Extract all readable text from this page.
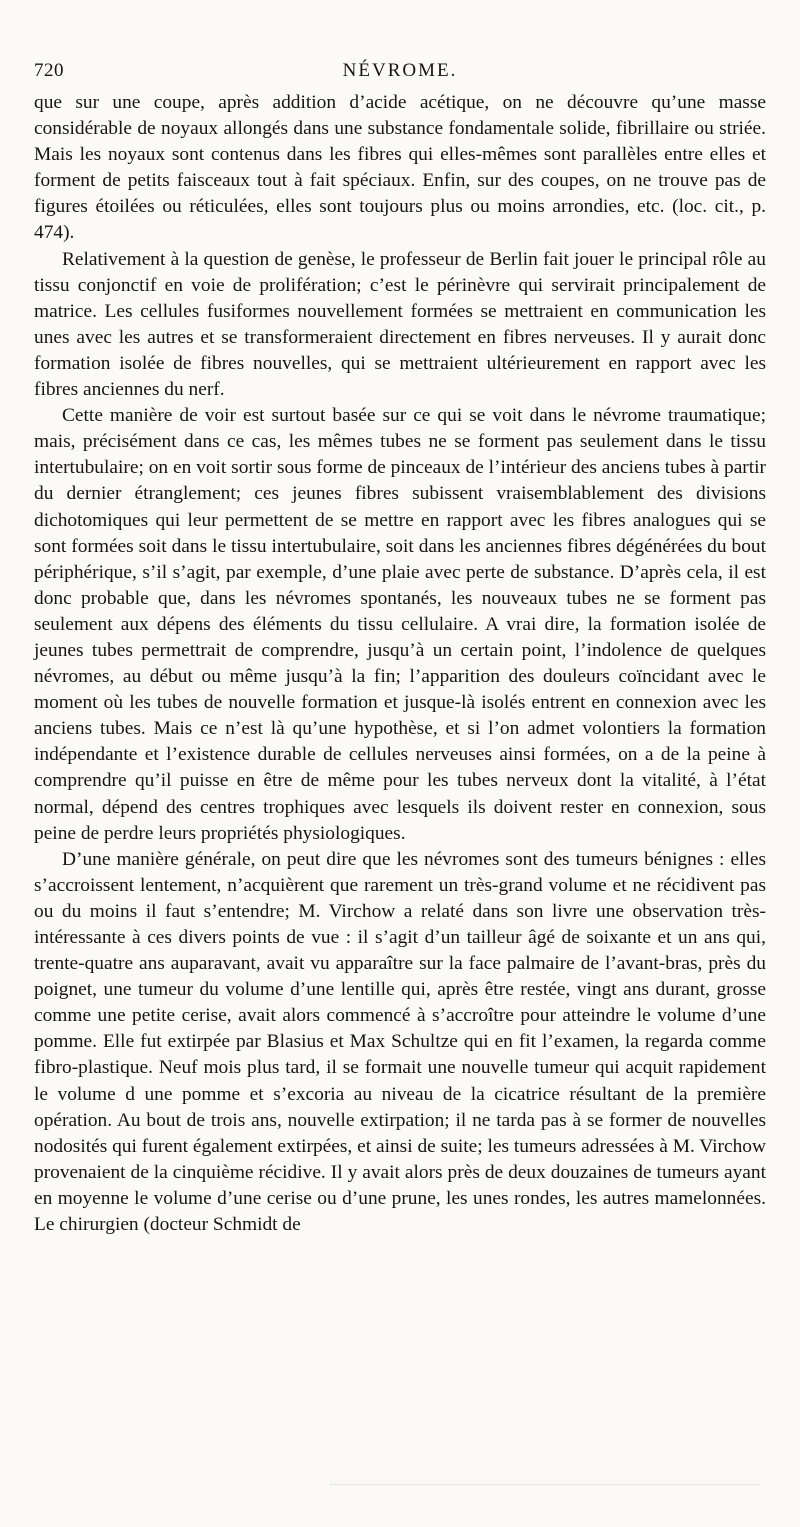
720	NÉVROME.

que sur une coupe, après addition d’acide acétique, on ne découvre qu’une masse considérable de noyaux allongés dans une substance fondamentale solide, fibrillaire ou striée. Mais les noyaux sont contenus dans les fibres qui elles-mêmes sont parallèles entre elles et forment de petits faisceaux tout à fait spéciaux. Enfin, sur des coupes, on ne trouve pas de figures étoilées ou réticulées, elles sont toujours plus ou moins arrondies, etc. (loc. cit., p. 474).

Relativement à la question de genèse, le professeur de Berlin fait jouer le principal rôle au tissu conjonctif en voie de prolifération; c’est le périnèvre qui servirait principalement de matrice. Les cellules fusiformes nouvellement formées se mettraient en communication les unes avec les autres et se transformeraient directement en fibres nerveuses. Il y aurait donc formation isolée de fibres nouvelles, qui se mettraient ultérieurement en rapport avec les fibres anciennes du nerf.

Cette manière de voir est surtout basée sur ce qui se voit dans le névrome traumatique; mais, précisément dans ce cas, les mêmes tubes ne se forment pas seulement dans le tissu intertubulaire; on en voit sortir sous forme de pinceaux de l’intérieur des anciens tubes à partir du dernier étranglement; ces jeunes fibres subissent vraisemblablement des divisions dichotomiques qui leur permettent de se mettre en rapport avec les fibres analogues qui se sont formées soit dans le tissu intertubulaire, soit dans les anciennes fibres dégénérées du bout périphérique, s’il s’agit, par exemple, d’une plaie avec perte de substance. D’après cela, il est donc probable que, dans les névromes spontanés, les nouveaux tubes ne se forment pas seulement aux dépens des éléments du tissu cellulaire. A vrai dire, la formation isolée de jeunes tubes permettrait de comprendre, jusqu’à un certain point, l’indolence de quelques névromes, au début ou même jusqu’à la fin; l’apparition des douleurs coïncidant avec le moment où les tubes de nouvelle formation et jusque-là isolés entrent en connexion avec les anciens tubes. Mais ce n’est là qu’une hypothèse, et si l’on admet volontiers la formation indépendante et l’existence durable de cellules nerveuses ainsi formées, on a de la peine à comprendre qu’il puisse en être de même pour les tubes nerveux dont la vitalité, à l’état normal, dépend des centres trophiques avec lesquels ils doivent rester en connexion, sous peine de perdre leurs propriétés physiologiques.

D’une manière générale, on peut dire que les névromes sont des tumeurs bénignes : elles s’accroissent lentement, n’acquièrent que rarement un très-grand volume et ne récidivent pas ou du moins il faut s’entendre; M. Virchow a relaté dans son livre une observation très-intéressante à ces divers points de vue : il s’agit d’un tailleur âgé de soixante et un ans qui, trente-quatre ans auparavant, avait vu apparaître sur la face palmaire de l’avant-bras, près du poignet, une tumeur du volume d’une lentille qui, après être restée, vingt ans durant, grosse comme une petite cerise, avait alors commencé à s’accroître pour atteindre le volume d’une pomme. Elle fut extirpée par Blasius et Max Schultze qui en fit l’examen, la regarda comme fibro-plastique. Neuf mois plus tard, il se formait une nouvelle tumeur qui acquit rapidement le volume d une pomme et s’excoria au niveau de la cicatrice résultant de la première opération. Au bout de trois ans, nouvelle extirpation; il ne tarda pas à se former de nouvelles nodosités qui furent également extirpées, et ainsi de suite; les tumeurs adressées à M. Virchow provenaient de la cinquième récidive. Il y avait alors près de deux douzaines de tumeurs ayant en moyenne le volume d’une cerise ou d’une prune, les unes rondes, les autres mamelonnées. Le chirurgien (docteur Schmidt de
